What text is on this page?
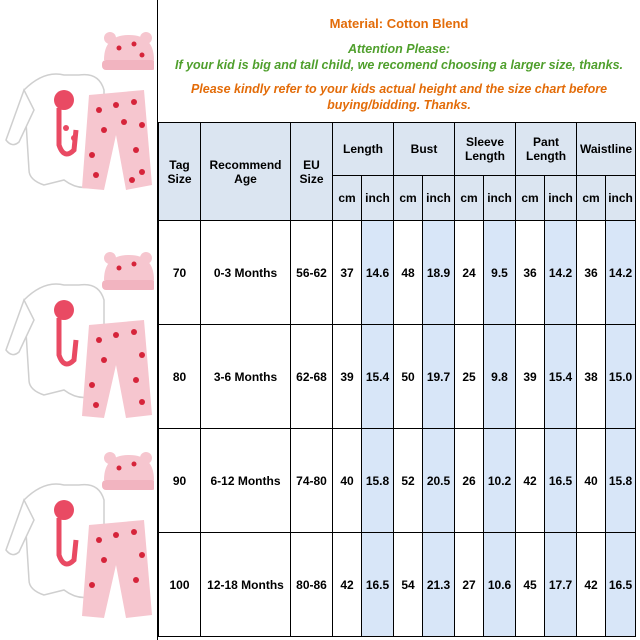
Material: Cotton Blend
Attention Please:
If your kid is big and tall child, we recomend choosing a larger size, thanks.
Please kindly refer to your kids actual height and the size chart before
buying/bidding. Thanks.
Tag Size	Recommend Age	EU Size	Length		Bust		Sleeve Length		Pant Length		Waistline	
			cm	inch	cm	inch	cm	inch	cm	inch	cm	inch
70	0-3 Months	56-62	37	14.6	48	18.9	24	9.5	36	14.2	36	14.2
80	3-6 Months	62-68	39	15.4	50	19.7	25	9.8	39	15.4	38	15.0
90	6-12 Months	74-80	40	15.8	52	20.5	26	10.2	42	16.5	40	15.8
100	12-18 Months	80-86	42	16.5	54	21.3	27	10.6	45	17.7	42	16.5
